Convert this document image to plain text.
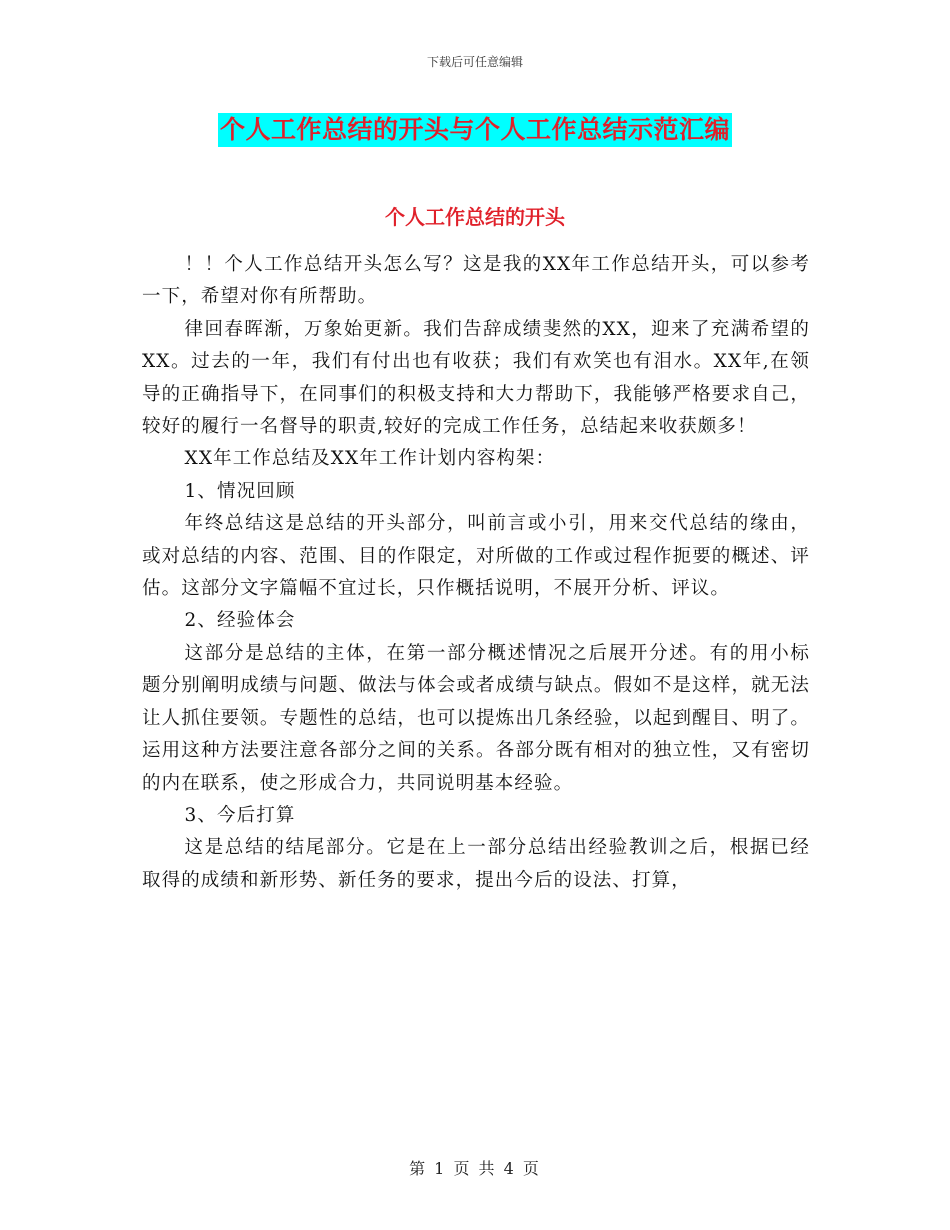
下载后可任意编辑
个人工作总结的开头与个人工作总结示范汇编
个人工作总结的开头

！！个人工作总结开头怎么写？这是我的XX年工作总结开头，可以参考一下，希望对你有所帮助。

律回春晖渐，万象始更新。我们告辞成绩斐然的XX，迎来了充满希望的XX。过去的一年，我们有付出也有收获；我们有欢笑也有泪水。XX年,在领导的正确指导下，在同事们的积极支持和大力帮助下，我能够严格要求自己，较好的履行一名督导的职责,较好的完成工作任务，总结起来收获颇多！

XX年工作总结及XX年工作计划内容构架：

1、情况回顾

年终总结这是总结的开头部分，叫前言或小引，用来交代总结的缘由，或对总结的内容、范围、目的作限定，对所做的工作或过程作扼要的概述、评估。这部分文字篇幅不宜过长，只作概括说明，不展开分析、评议。

2、经验体会

这部分是总结的主体，在第一部分概述情况之后展开分述。有的用小标题分别阐明成绩与问题、做法与体会或者成绩与缺点。假如不是这样，就无法让人抓住要领。专题性的总结，也可以提炼出几条经验，以起到醒目、明了。运用这种方法要注意各部分之间的关系。各部分既有相对的独立性，又有密切的内在联系，使之形成合力，共同说明基本经验。

3、今后打算

这是总结的结尾部分。它是在上一部分总结出经验教训之后，根据已经取得的成绩和新形势、新任务的要求，提出今后的设法、打算，

第 1 页 共 4 页
